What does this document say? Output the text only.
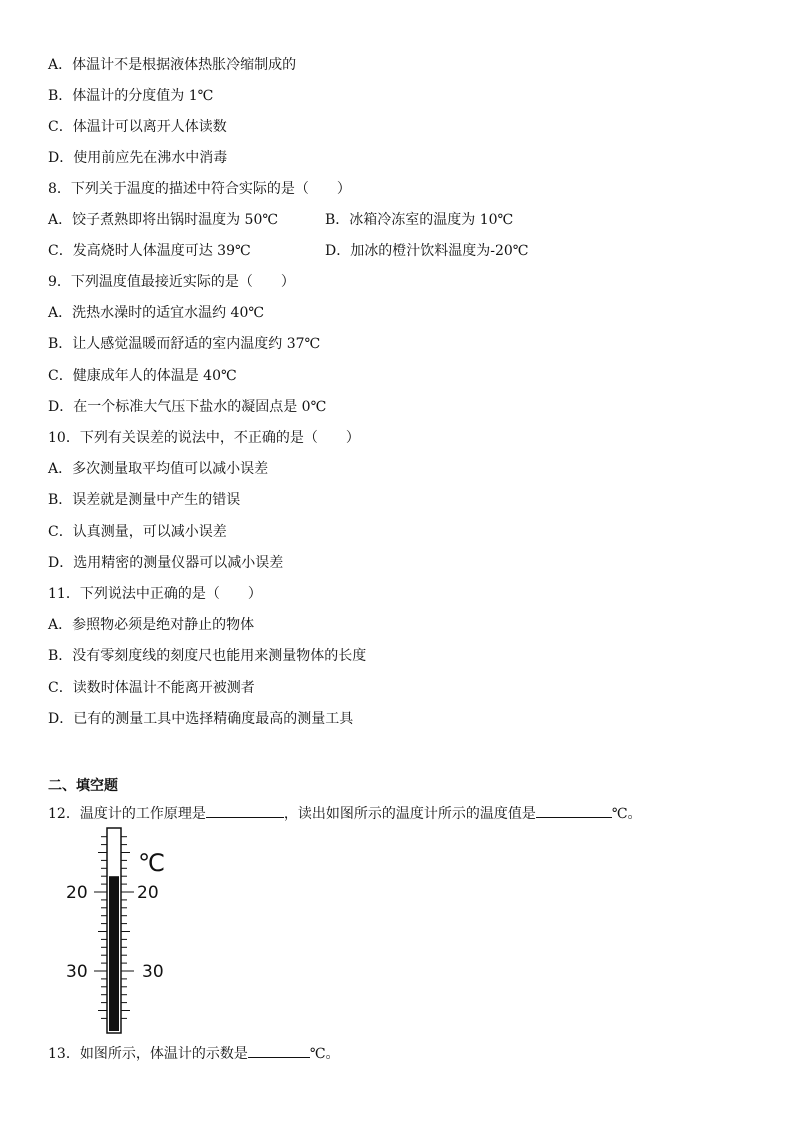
A．体温计不是根据液体热胀冷缩制成的
B．体温计的分度值为 1℃
C．体温计可以离开人体读数
D．使用前应先在沸水中消毒
8．下列关于温度的描述中符合实际的是（　　）
A．饺子煮熟即将出锅时温度为 50℃	B．冰箱冷冻室的温度为 10℃
C．发高烧时人体温度可达 39℃	D．加冰的橙汁饮料温度为-20℃
9．下列温度值最接近实际的是（　　）
A．洗热水澡时的适宜水温约 40℃
B．让人感觉温暖而舒适的室内温度约 37℃
C．健康成年人的体温是 40℃
D．在一个标准大气压下盐水的凝固点是 0℃
10．下列有关误差的说法中，不正确的是（　　）
A．多次测量取平均值可以减小误差
B．误差就是测量中产生的错误
C．认真测量，可以减小误差
D．选用精密的测量仪器可以减小误差
11．下列说法中正确的是（　　）
A．参照物必须是绝对静止的物体
B．没有零刻度线的刻度尺也能用来测量物体的长度
C．读数时体温计不能离开被测者
D．已有的测量工具中选择精确度最高的测量工具
二、填空题
12．温度计的工作原理是	，读出如图所示的温度计所示的温度值是	℃。
℃
20	20
30	30
13．如图所示，体温计的示数是	℃。
